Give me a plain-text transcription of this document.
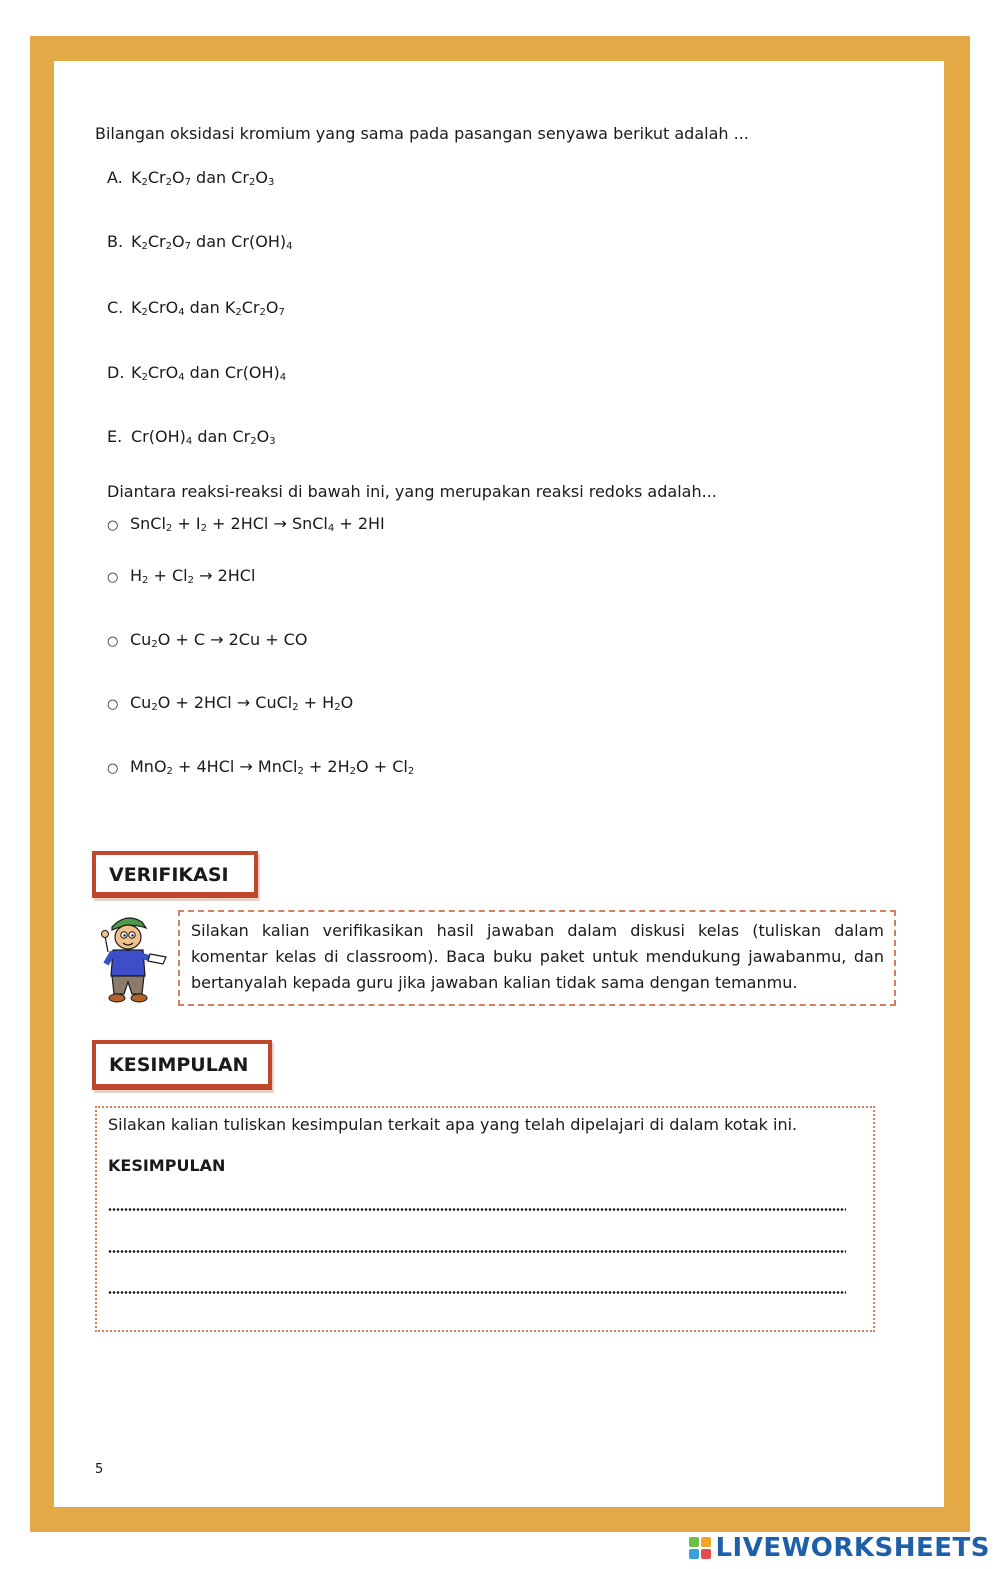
Bilangan oksidasi kromium yang sama pada pasangan senyawa berikut adalah ...
A. $K_2Cr_2O_7$ dan $Cr_2O_3$
B. $K_2Cr_2O_7$ dan $Cr(OH)_4$
C. $K_2CrO_4$ dan $K_2Cr_2O_7$
D. $K_2CrO_4$ dan $Cr(OH)_4$
E. $Cr(OH)_4$ dan $Cr_2O_3$
Diantara reaksi-reaksi di bawah ini, yang merupakan reaksi redoks adalah...
○ SnCl$_2$ + $I_2 + 2HCl$ → SnCl$_4$ + 2HI
○ $H_2 + Cl_2 \to 2HCl$
○ $Cu_2O + C \to 2Cu$ + CO
○ $Cu_2O + 2HCl$ → CuCl$_2$ + $H_2O$
○ MnO$_2$ + 4HCl → MnCl$_2$ + $2H_2O + Cl_2$
VERIFIKASI
Silakan kalian verifikasikan hasil jawaban dalam diskusi kelas (tuliskan dalam komentar kelas di classroom). Baca buku paket untuk mendukung jawabanmu, dan bertanyalah kepada guru jika jawaban kalian tidak sama dengan temanmu.
KESIMPULAN
Silakan kalian tuliskan kesimpulan terkait apa yang telah dipelajari di dalam kotak ini.
KESIMPULAN
5
LIVEWORKSHEETS
